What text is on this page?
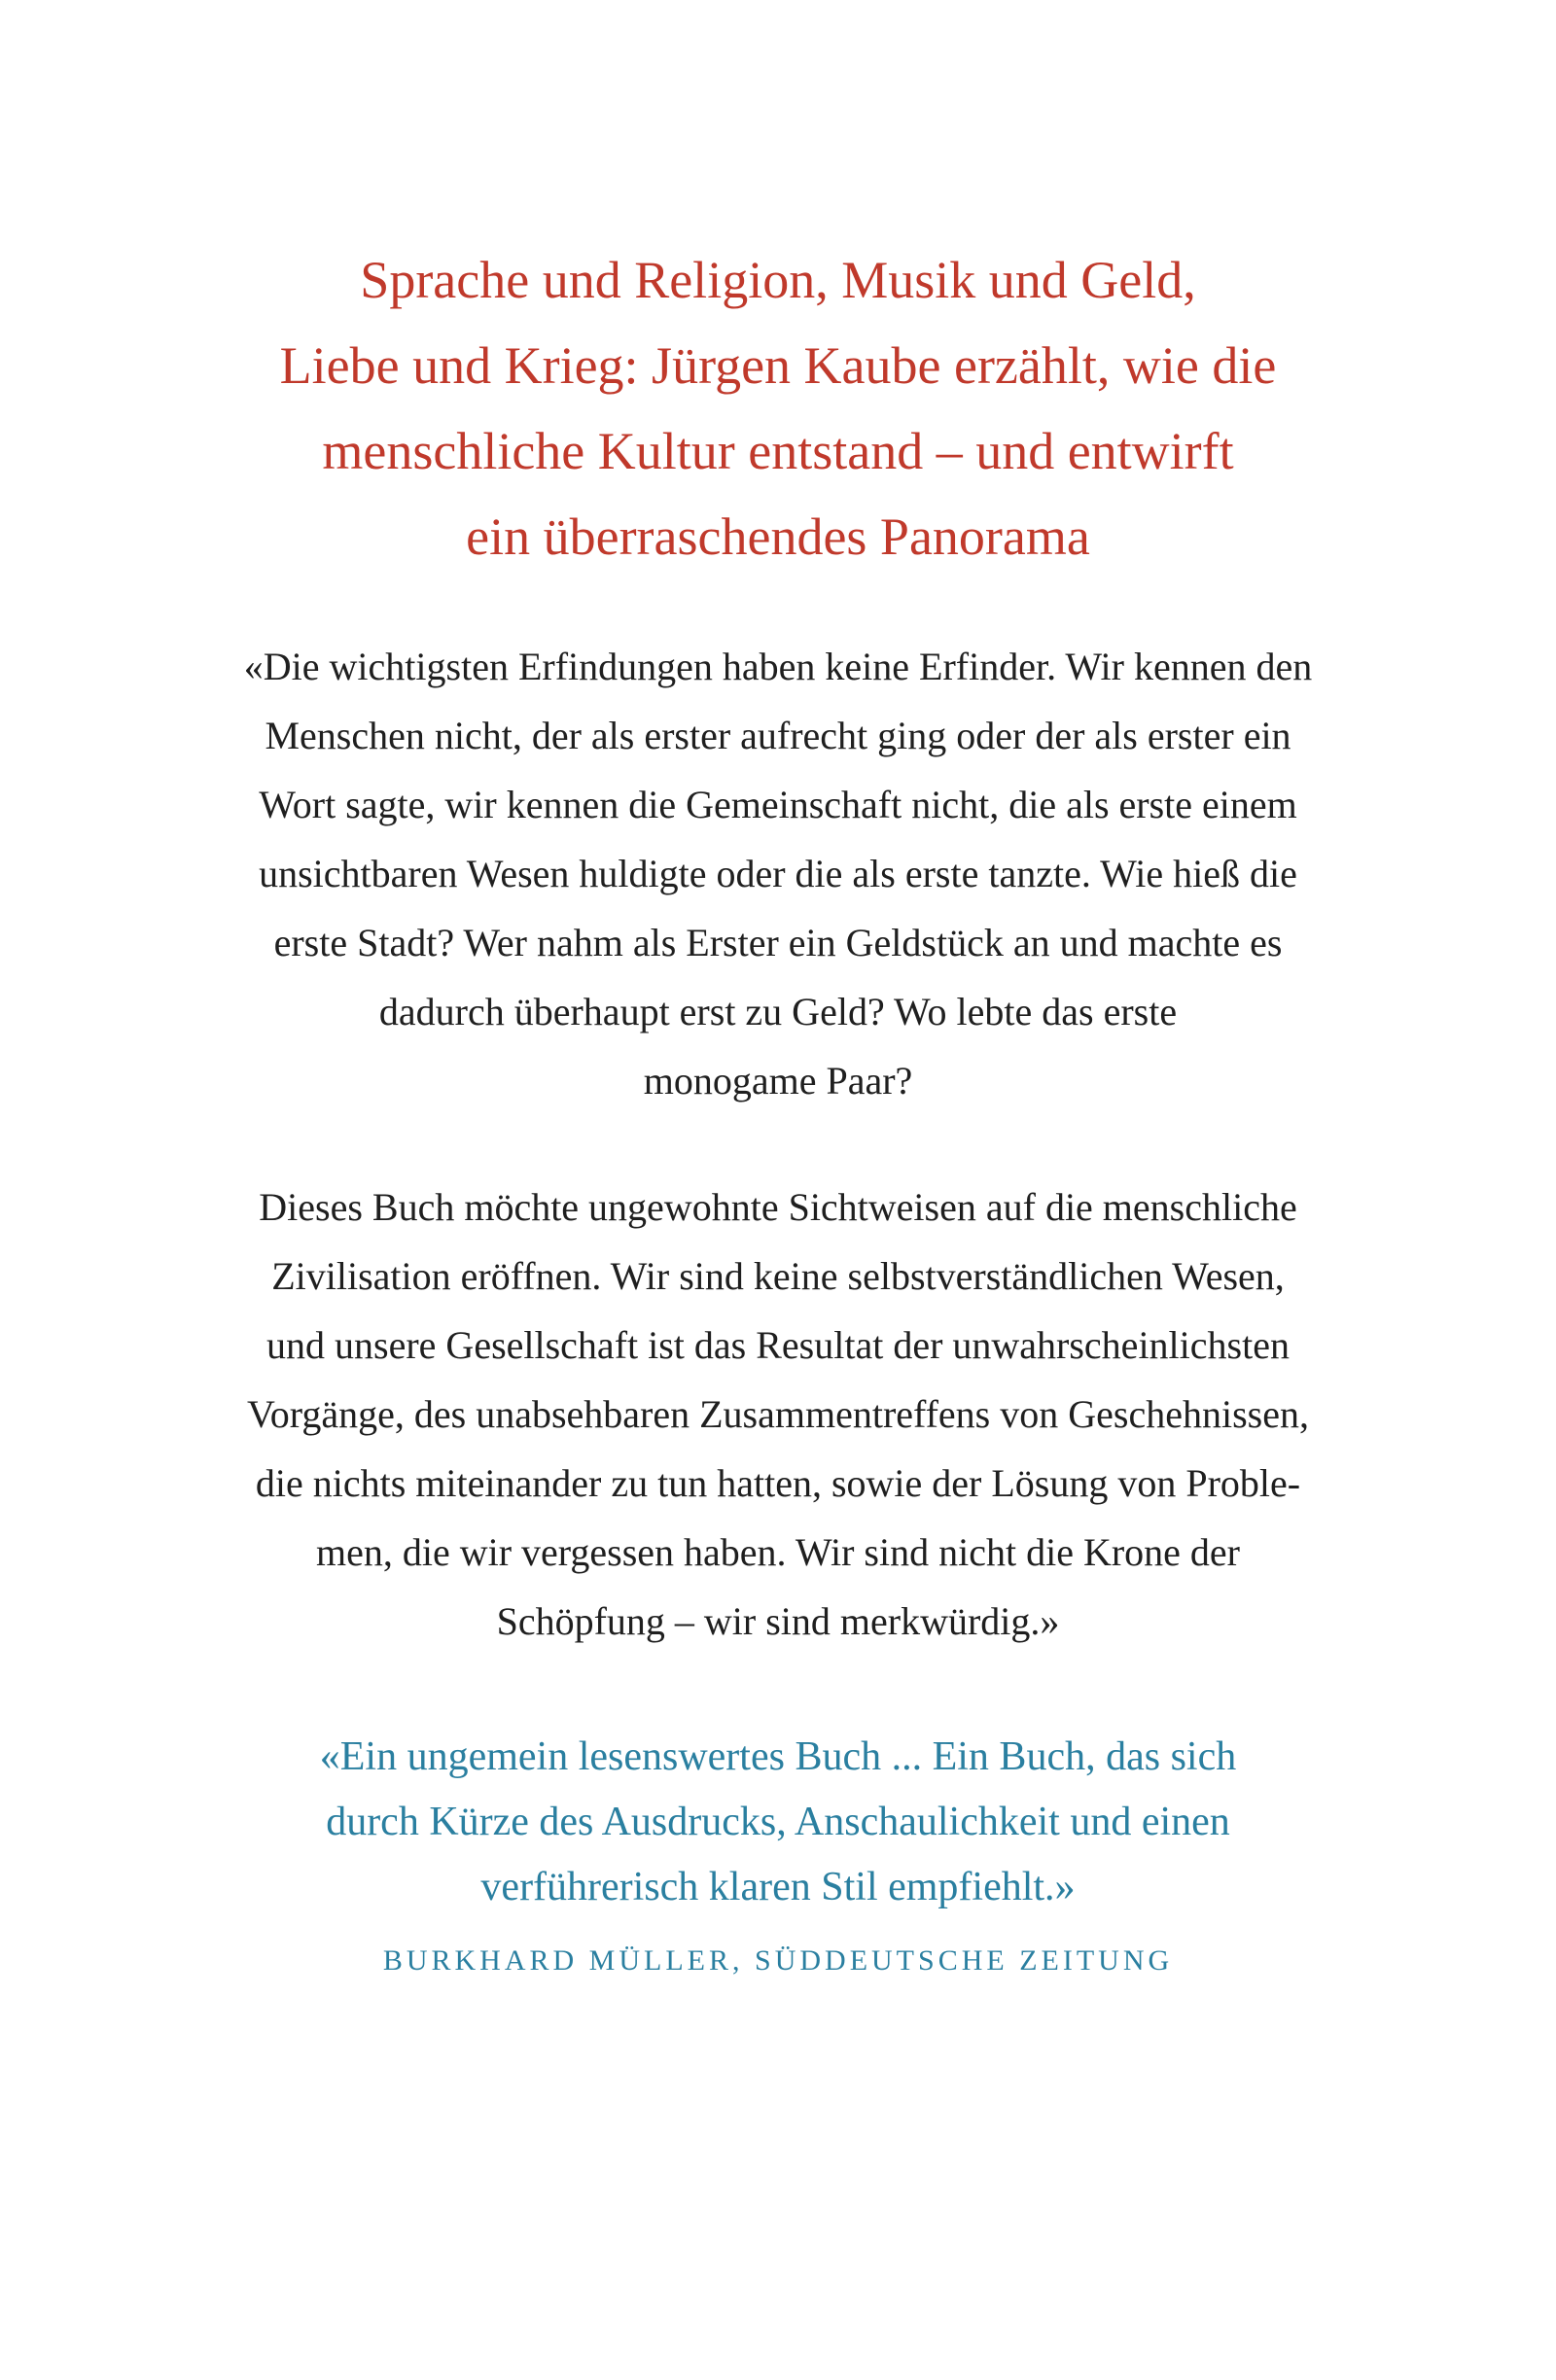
Sprache und Religion, Musik und Geld,
Liebe und Krieg: Jürgen Kaube erzählt, wie die
menschliche Kultur entstand – und entwirft
ein überraschendes Panorama
«Die wichtigsten Erfindungen haben keine Erfinder. Wir kennen den
Menschen nicht, der als erster aufrecht ging oder der als erster ein
Wort sagte, wir kennen die Gemeinschaft nicht, die als erste einem
unsichtbaren Wesen huldigte oder die als erste tanzte. Wie hieß die
erste Stadt? Wer nahm als Erster ein Geldstück an und machte es
dadurch überhaupt erst zu Geld? Wo lebte das erste
monogame Paar?
Dieses Buch möchte ungewohnte Sichtweisen auf die menschliche
Zivilisation eröffnen. Wir sind keine selbstverständlichen Wesen,
und unsere Gesellschaft ist das Resultat der unwahrscheinlichsten
Vorgänge, des unabsehbaren Zusammentreffens von Geschehnissen,
die nichts miteinander zu tun hatten, sowie der Lösung von Proble-
men, die wir vergessen haben. Wir sind nicht die Krone der
Schöpfung – wir sind merkwürdig.»
«Ein ungemein lesenswertes Buch ... Ein Buch, das sich
durch Kürze des Ausdrucks, Anschaulichkeit und einen
verführerisch klaren Stil empfiehlt.»
BURKHARD MÜLLER, SÜDDEUTSCHE ZEITUNG
